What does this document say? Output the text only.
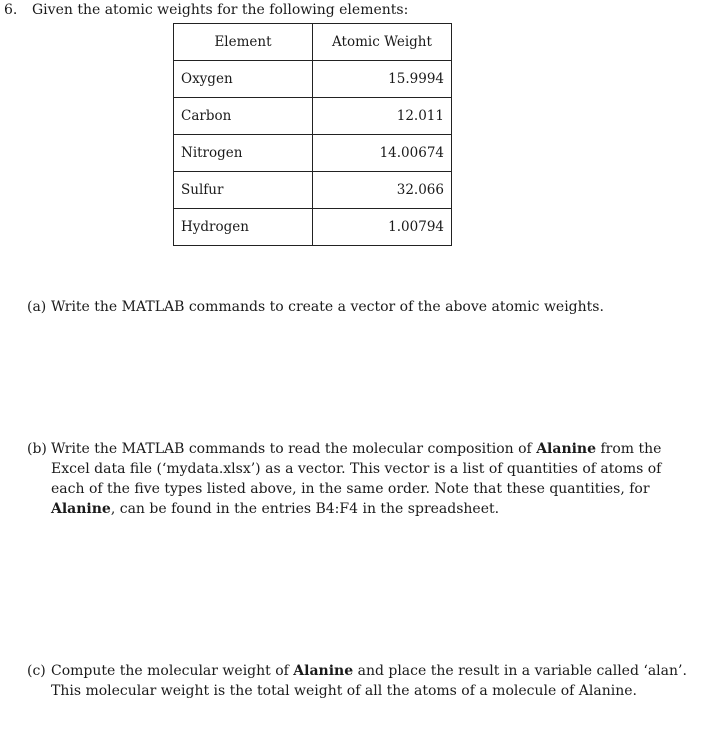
6. Given the atomic weights for the following elements:
Element	Atomic Weight
Oxygen	15.9994
Carbon	12.011
Nitrogen	14.00674
Sulfur	32.066
Hydrogen	1.00794
(a) Write the MATLAB commands to create a vector of the above atomic weights.
(b) Write the MATLAB commands to read the molecular composition of Alanine from the Excel data file (‘mydata.xlsx’) as a vector. This vector is a list of quantities of atoms of each of the five types listed above, in the same order. Note that these quantities, for Alanine, can be found in the entries B4:F4 in the spreadsheet.
(c) Compute the molecular weight of Alanine and place the result in a variable called ‘alan’. This molecular weight is the total weight of all the atoms of a molecule of Alanine.
